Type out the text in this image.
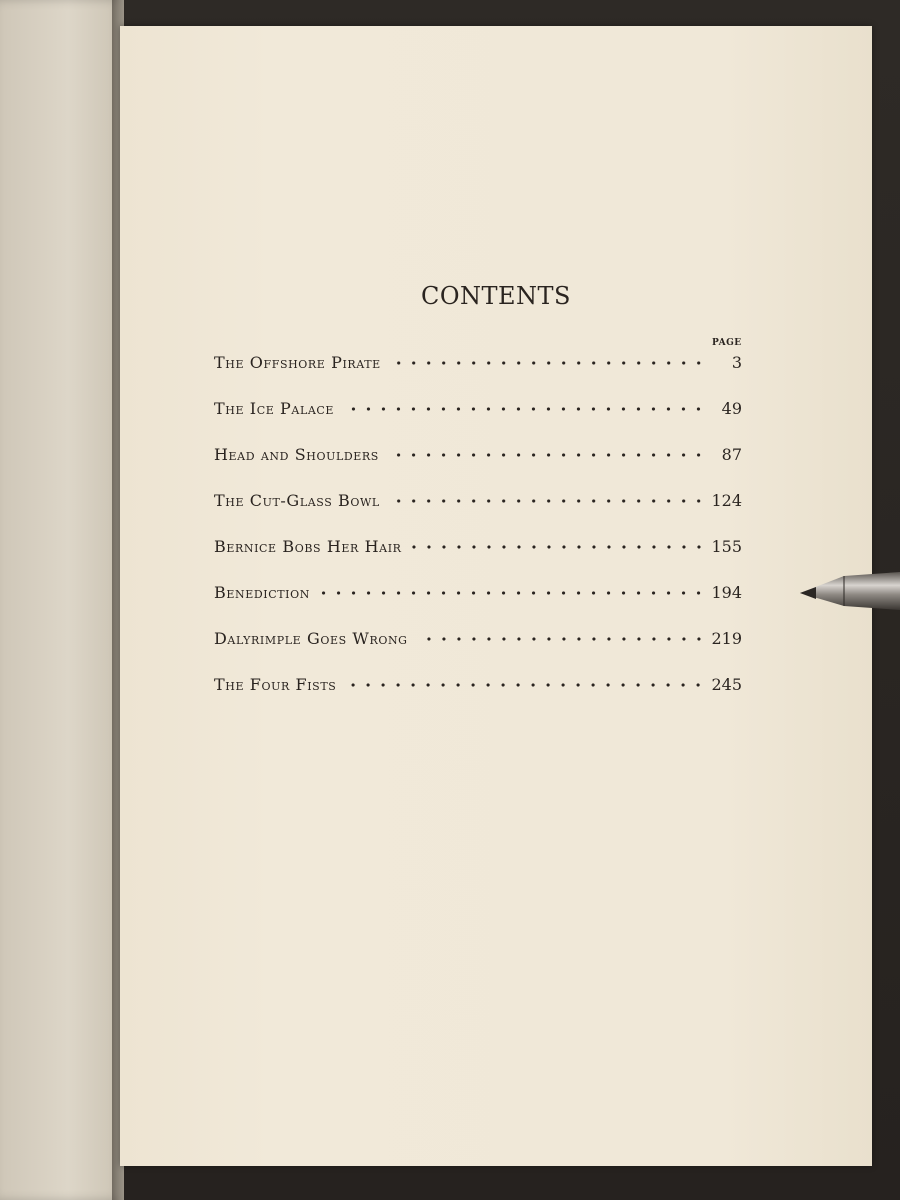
CONTENTS
PAGE
The Offshore Pirate	3
The Ice Palace	49
Head and Shoulders	87
The Cut-Glass Bowl	124
Bernice Bobs Her Hair	155
Benediction	194
Dalyrimple Goes Wrong	219
The Four Fists	245
